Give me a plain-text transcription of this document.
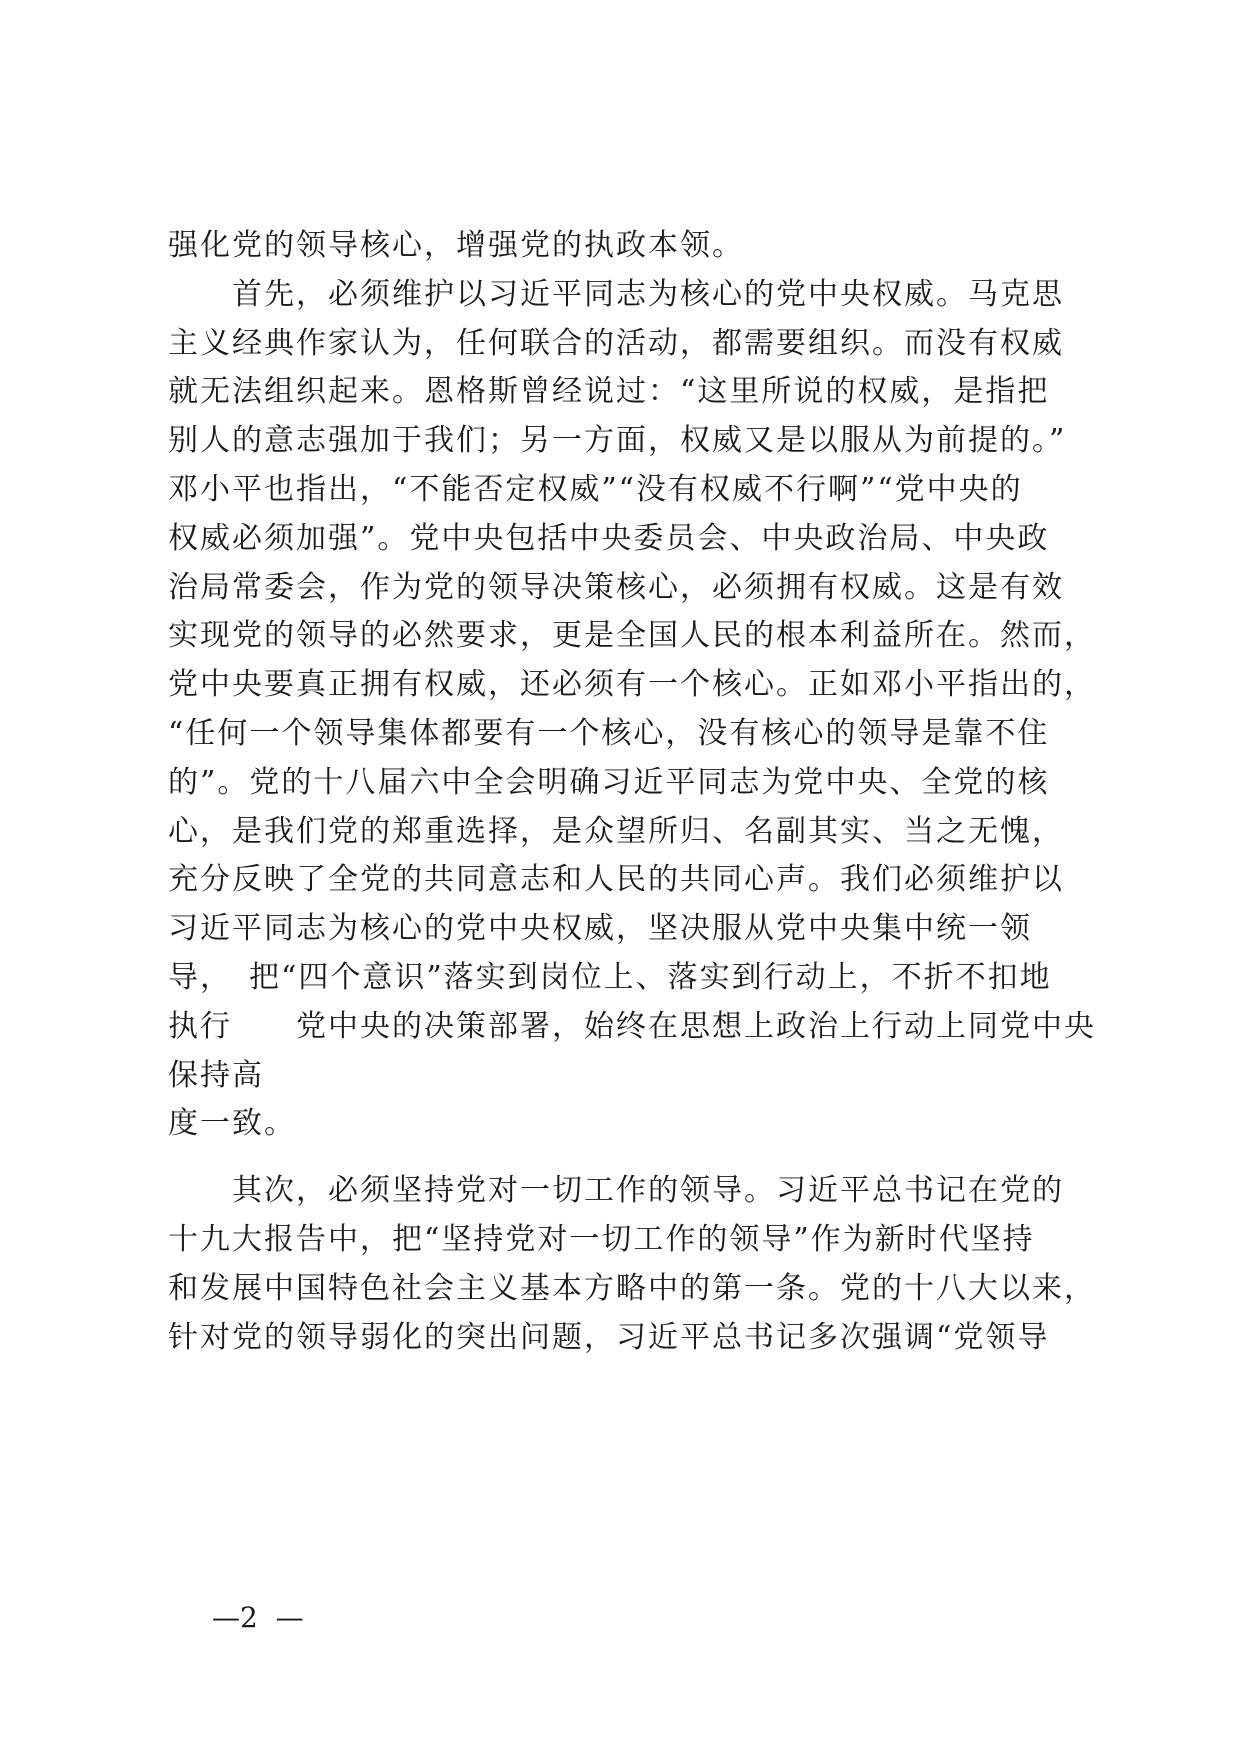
强化党的领导核心，增强党的执政本领。
　　首先，必须维护以习近平同志为核心的党中央权威。马克思
主义经典作家认为，任何联合的活动，都需要组织。而没有权威
就无法组织起来。恩格斯曾经说过：“这里所说的权威，是指把
别人的意志强加于我们；另一方面，权威又是以服从为前提的。”
邓小平也指出，“不能否定权威”“没有权威不行啊”“党中央的
权威必须加强”。党中央包括中央委员会、中央政治局、中央政
治局常委会，作为党的领导决策核心，必须拥有权威。这是有效
实现党的领导的必然要求，更是全国人民的根本利益所在。然而，
党中央要真正拥有权威，还必须有一个核心。正如邓小平指出的，
“任何一个领导集体都要有一个核心，没有核心的领导是靠不住
的”。党的十八届六中全会明确习近平同志为党中央、全党的核
心，是我们党的郑重选择，是众望所归、名副其实、当之无愧，
充分反映了全党的共同意志和人民的共同心声。我们必须维护以
习近平同志为核心的党中央权威，坚决服从党中央集中统一领
导，　把“四个意识”落实到岗位上、落实到行动上，不折不扣地
执行　　党中央的决策部署，始终在思想上政治上行动上同党中央
保持高
度一致。
　　其次，必须坚持党对一切工作的领导。习近平总书记在党的
十九大报告中，把“坚持党对一切工作的领导”作为新时代坚持
和发展中国特色社会主义基本方略中的第一条。党的十八大以来，
针对党的领导弱化的突出问题，习近平总书记多次强调“党领导
—2  —
